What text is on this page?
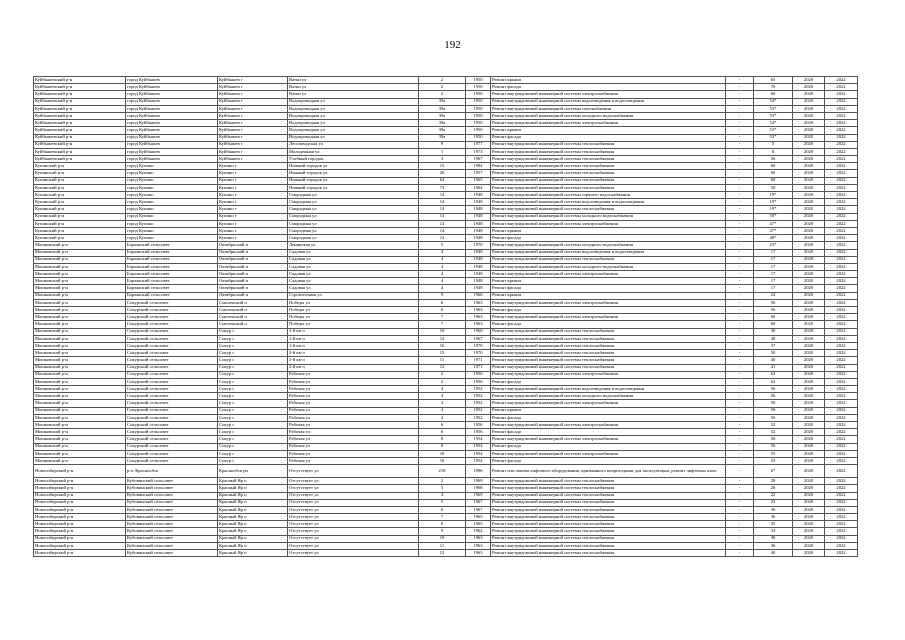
192
Куйбышевский р-н	город Куйбышев	Куйбышев г	Ватки ул	2	1950	Ремонт крыши	-	65	2020	2022
Куйбышевский р-н	город Куйбышев	Куйбышев г	Ватки ул	2	1950	Ремонт фасада	-	70	2020	2022
Куйбышевский р-н	город Куйбышев	Куйбышев г	Ватки ул	2	1950	Ремонт внутридомовой инженерной системы электроснабжения	-	60	2020	2022
Куйбышевский р-н	город Куйбышев	Куйбышев г	Водопроводная ул	39а	1950	Ремонт внутридомовой инженерной системы водоотведения и водоотведения	-	54*	2020	2022
Куйбышевский р-н	город Куйбышев	Куйбышев г	Водопроводная ул	39а	1950	Ремонт внутридомовой инженерной системы газоснабжения	-	53*	2020	2022
Куйбышевский р-н	город Куйбышев	Куйбышев г	Водопроводная ул	39а	1950	Ремонт внутридомовой инженерной системы холодного водоснабжения	-	53*	2020	2022
Куйбышевский р-н	город Куйбышев	Куйбышев г	Водопроводная ул	39а	1950	Ремонт внутридомовой инженерной системы электроснабжения	-	54*	2020	2022
Куйбышевский р-н	город Куйбышев	Куйбышев г	Водопроводная ул	39а	1950	Ремонт крыши	-	53*	2020	2022
Куйбышевский р-н	город Куйбышев	Куйбышев г	Водопроводная ул	39а	1950	Ремонт фасада	-	53*	2020	2022
Куйбышевский р-н	город Куйбышев	Куйбышев г	Лесозаводская ул	9	1977	Ремонт внутридомовой инженерной системы теплоснабжения	-	5	2020	2022
Куйбышевский р-н	город Куйбышев	Куйбышев г	Молодежная ул	1	1973	Ремонт внутридомовой инженерной системы теплоснабжения	-	8	2020	2022
Куйбышевский р-н	город Куйбышев	Куйбышев г	Учебный городок	3	1967	Ремонт внутридомовой инженерной системы теплоснабжения	-	56	2020	2022
Купинский р-н	город Купино	Купино г	Нижний городок ул	15	1984	Ремонт внутридомовой инженерной системы теплоснабжения	-	60	2020	2022
Купинский р-н	город Купино	Купино г	Нижний городок ул	26	1957	Ремонт внутридомовой инженерной системы теплоснабжения	-	60	2020	2022
Купинский р-н	город Купино	Купино г	Нижний городок ул	62	1965	Ремонт внутридомовой инженерной системы теплоснабжения	-	60	2020	2022
Купинский р-н	город Купино	Купино г	Нижний городок ул	73	1964	Ремонт внутридомовой инженерной системы теплоснабжения	-	50	2020	2022
Купинский р-н	город Купино	Купино г	Смородина ул	14	1948	Ремонт внутридомовой инженерной системы горячего водоснабжения	-	19*	2020	2022
Купинский р-н	город Купино	Купино г	Смородина ул	14	1948	Ремонт внутридомовой инженерной системы водоотведения и водоотведения	-	19*	2020	2022
Купинский р-н	город Купино	Купино г	Смородина ул	14	1948	Ремонт внутридомовой инженерной системы теплоснабжения	-	19*	2020	2022
Купинский р-н	город Купино	Купино г	Смородина ул	14	1948	Ремонт внутридомовой инженерной системы холодного водоснабжения	-	50*	2020	2022
Купинский р-н	город Купино	Купино г	Смородина ул	14	1948	Ремонт внутридомовой инженерной системы электроснабжения	-	47*	2020	2022
Купинский р-н	город Купино	Купино г	Смородина ул	14	1948	Ремонт крыши	-	47*	2020	2022
Купинский р-н	город Купино	Купино г	Смородина ул	14	1948	Ремонт фасада	-	48*	2020	2022
Мошковский р-н	Барлакский сельсовет	Октябрьский п	Ленинская ул	5	1970	Ремонт внутридомовой инженерной системы холодного водоснабжения	-	23*	2020	2022
Мошковский р-н	Барлакский сельсовет	Октябрьский п	Садовая ул	4	1948	Ремонт внутридомовой инженерной системы водоотведения и водоотведения	-	17	2020	2022
Мошковский р-н	Барлакский сельсовет	Октябрьский п	Садовая ул	4	1948	Ремонт внутридомовой инженерной системы теплоснабжения	-	17	2020	2022
Мошковский р-н	Барлакский сельсовет	Октябрьский п	Садовая ул	4	1948	Ремонт внутридомовой инженерной системы холодного водоснабжения	-	17	2020	2022
Мошковский р-н	Барлакский сельсовет	Октябрьский п	Садовая ул	4	1948	Ремонт внутридомовой инженерной системы электроснабжения	-	17	2020	2022
Мошковский р-н	Барлакский сельсовет	Октябрьский п	Садовая ул	4	1948	Ремонт крыши	-	17	2020	2022
Мошковский р-н	Барлакский сельсовет	Октябрьский п	Садовая ул	4	1948	Ремонт фасада	-	17	2020	2022
Мошковский р-н	Барлакский сельсовет	Октябрьский п	Строительная ул	9	1966	Ремонт крыши	-	24	2020	2022
Мошковский р-н	Сокурский сельсовет	Смоленский п	Победы ул	6	1963	Ремонт внутридомовой инженерной системы электроснабжения	-	56	2020	2022
Мошковский р-н	Сокурский сельсовет	Смоленский п	Победы ул	6	1963	Ремонт фасада	-	56	2020	2022
Мошковский р-н	Сокурский сельсовет	Смоленский п	Победы ул	7	1963	Ремонт внутридомовой инженерной системы электроснабжения	-	60	2020	2022
Мошковский р-н	Сокурский сельсовет	Смоленский п	Победы ул	7	1963	Ремонт фасада	-	60	2020	2022
Мошковский р-н	Сокурский сельсовет	Сокур с	1-й кв-л	10	1960	Ремонт внутридомовой инженерной системы теплоснабжения	-	30	2020	2022
Мошковский р-н	Сокурский сельсовет	Сокур с	1-й кв-л	12	1967	Ремонт внутридомовой инженерной системы теплоснабжения	-	48	2020	2022
Мошковский р-н	Сокурский сельсовет	Сокур с	1-й кв-л	16	1970	Ремонт внутридомовой инженерной системы теплоснабжения	-	37	2020	2022
Мошковский р-н	Сокурский сельсовет	Сокур с	2-й кв-л	15	1970	Ремонт внутридомовой инженерной системы теплоснабжения	-	50	2020	2022
Мошковский р-н	Сокурский сельсовет	Сокур с	2-й кв-л	11	1971	Ремонт внутридомовой инженерной системы теплоснабжения	-	40	2020	2022
Мошковский р-н	Сокурский сельсовет	Сокур с	2-й кв-л	12	1971	Ремонт внутридомовой инженерной системы теплоснабжения	-	41	2020	2022
Мошковский р-н	Сокурский сельсовет	Сокур с	Рабочая ул	2	1956	Ремонт внутридомовой инженерной системы электроснабжения	-	62	2020	2022
Мошковский р-н	Сокурский сельсовет	Сокур с	Рабочая ул	2	1956	Ремонт фасада	-	62	2020	2022
Мошковский р-н	Сокурский сельсовет	Сокур с	Рабочая ул	4	1952	Ремонт внутридомовой инженерной системы водоотведения и водоотведения	-	56	2020	2022
Мошковский р-н	Сокурский сельсовет	Сокур с	Рабочая ул	4	1952	Ремонт внутридомовой инженерной системы холодного водоснабжения	-	56	2020	2022
Мошковский р-н	Сокурский сельсовет	Сокур с	Рабочая ул	4	1952	Ремонт внутридомовой инженерной системы электроснабжения	-	56	2020	2022
Мошковский р-н	Сокурский сельсовет	Сокур с	Рабочая ул	4	1952	Ремонт крыши	-	56	2020	2022
Мошковский р-н	Сокурский сельсовет	Сокур с	Рабочая ул	4	1952	Ремонт фасада	-	56	2020	2022
Мошковский р-н	Сокурский сельсовет	Сокур с	Рабочая ул	6	1956	Ремонт внутридомовой инженерной системы электроснабжения	-	52	2020	2022
Мошковский р-н	Сокурский сельсовет	Сокур с	Рабочая ул	6	1956	Ремонт фасада	-	52	2020	2022
Мошковский р-н	Сокурский сельсовет	Сокур с	Рабочая ул	8	1954	Ремонт внутридомовой инженерной системы электроснабжения	-	56	2020	2022
Мошковский р-н	Сокурский сельсовет	Сокур с	Рабочая ул	8	1954	Ремонт фасада	-	56	2020	2022
Мошковский р-н	Сокурский сельсовет	Сокур с	Рабочая ул	10	1954	Ремонт внутридомовой инженерной системы электроснабжения	-	55	2020	2022
Мошковский р-н	Сокурский сельсовет	Сокур с	Рабочая ул	10	1954	Ремонт фасада	-	55	2020	2022
Новосибирский р-н	р.п. Краснообск	Краснообск рп	Отсутствует ул	218	1996	Ремонт или замена лифтового оборудования, признанного непригодным для эксплуатации, ремонт лифтовых шахт	-	6*	2020	2022
Новосибирский р-н	Кубовинский сельсовет	Красный Яр п	Отсутствует ул	2	1969	Ремонт внутридомовой инженерной системы теплоснабжения	-	28	2020	2022
Новосибирский р-н	Кубовинский сельсовет	Красный Яр п	Отсутствует ул	3	1968	Ремонт внутридомовой инженерной системы теплоснабжения	-	26	2020	2022
Новосибирский р-н	Кубовинский сельсовет	Красный Яр п	Отсутствует ул	4	1969	Ремонт внутридомовой инженерной системы теплоснабжения	-	22	2020	2022
Новосибирский р-н	Кубовинский сельсовет	Красный Яр п	Отсутствует ул	5	1967	Ремонт внутридомовой инженерной системы теплоснабжения	-	23	2020	2022
Новосибирский р-н	Кубовинский сельсовет	Красный Яр п	Отсутствует ул	6	1967	Ремонт внутридомовой инженерной системы теплоснабжения	-	30	2020	2022
Новосибирский р-н	Кубовинский сельсовет	Красный Яр п	Отсутствует ул	7	1965	Ремонт внутридомовой инженерной системы теплоснабжения	-	36	2020	2022
Новосибирский р-н	Кубовинский сельсовет	Красный Яр п	Отсутствует ул	8	1965	Ремонт внутридомовой инженерной системы теплоснабжения	-	35	2020	2022
Новосибирский р-н	Кубовинский сельсовет	Красный Яр п	Отсутствует ул	9	1964	Ремонт внутридомовой инженерной системы теплоснабжения	-	34	2020	2022
Новосибирский р-н	Кубовинский сельсовет	Красный Яр п	Отсутствует ул	10	1963	Ремонт внутридомовой инженерной системы теплоснабжения	-	38	2020	2022
Новосибирский р-н	Кубовинский сельсовет	Красный Яр п	Отсутствует ул	11	1963	Ремонт внутридомовой инженерной системы теплоснабжения	-	36	2020	2022
Новосибирский р-н	Кубовинский сельсовет	Красный Яр п	Отсутствует ул	12	1963	Ремонт внутридомовой инженерной системы теплоснабжения	-	40	2020	2022
